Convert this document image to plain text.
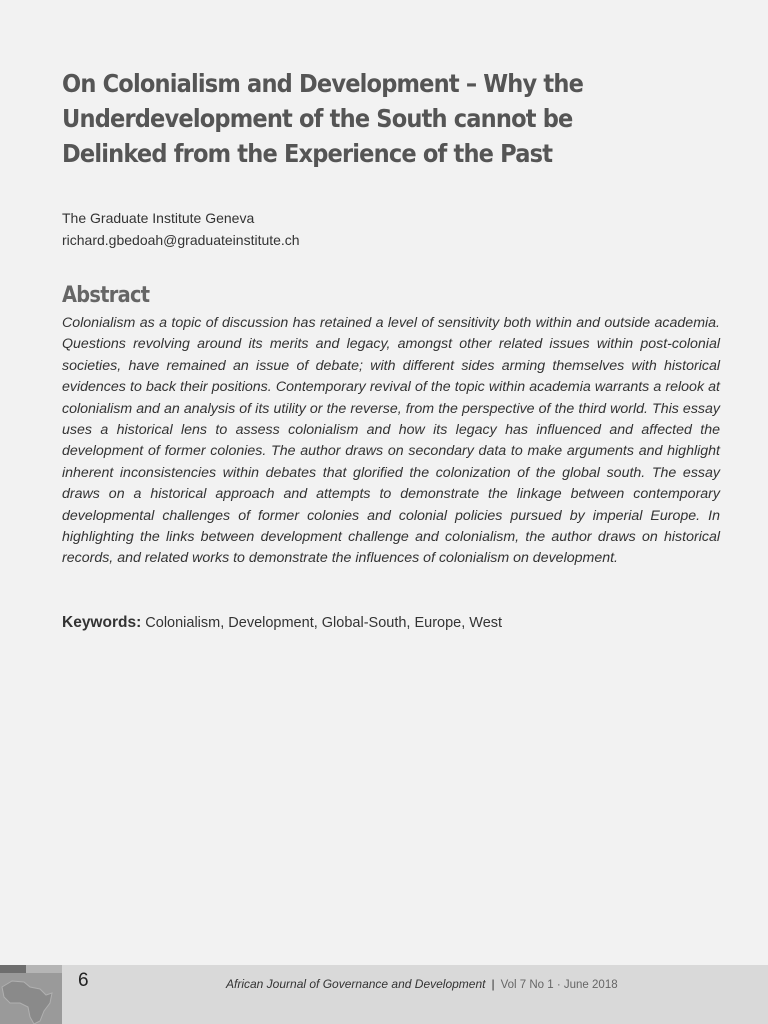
On Colonialism and Development – Why the Underdevelopment of the South cannot be Delinked from the Experience of the Past
The Graduate Institute Geneva
richard.gbedoah@graduateinstitute.ch
Abstract

Colonialism as a topic of discussion has retained a level of sensitivity both within and outside academia. Questions revolving around its merits and legacy, amongst other related issues within post-colonial societies, have remained an issue of debate; with different sides arming themselves with historical evidences to back their positions. Contemporary revival of the topic within academia warrants a relook at colonialism and an analysis of its utility or the reverse, from the perspective of the third world. This essay uses a historical lens to assess colonialism and how its legacy has influenced and affected the development of former colonies. The author draws on secondary data to make arguments and highlight inherent inconsistencies within debates that glorified the colonization of the global south. The essay draws on a historical approach and attempts to demonstrate the linkage between contemporary developmental challenges of former colonies and colonial policies pursued by imperial Europe. In highlighting the links between development challenge and colonialism, the author draws on historical records, and related works to demonstrate the influences of colonialism on development.

Keywords: Colonialism, Development, Global-South, Europe, West
6	African Journal of Governance and Development | Vol 7 No 1 · June 2018
